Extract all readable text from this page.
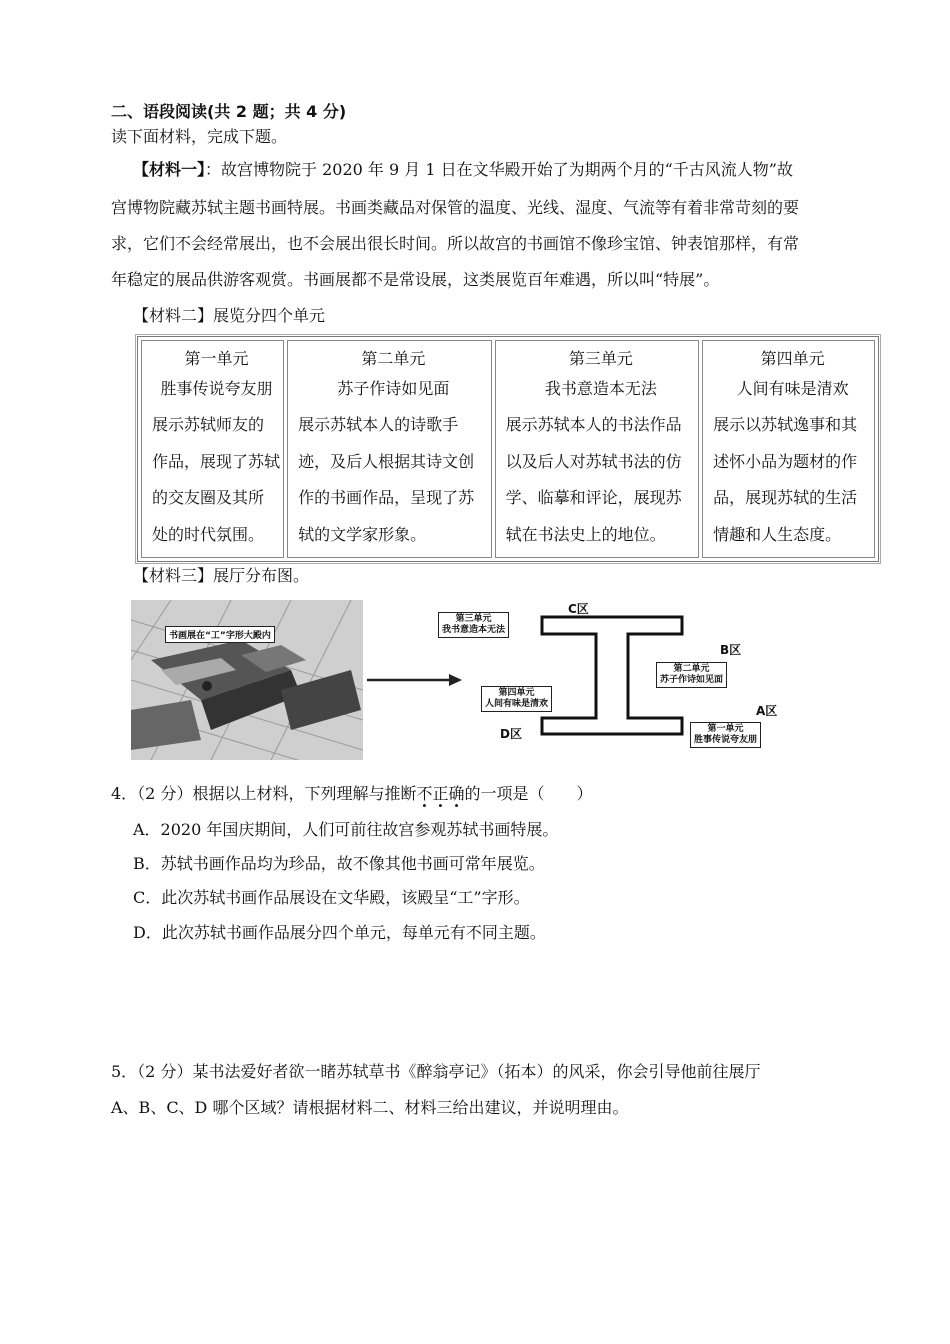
二、语段阅读(共 2 题；共 4 分)
读下面材料，完成下题。
【材料一】：故宫博物院于 2020 年 9 月 1 日在文华殿开始了为期两个月的“千古风流人物”故
宫博物院藏苏轼主题书画特展。书画类藏品对保管的温度、光线、湿度、气流等有着非常苛刻的要
求，它们不会经常展出，也不会展出很长时间。所以故宫的书画馆不像珍宝馆、钟表馆那样，有常
年稳定的展品供游客观赏。书画展都不是常设展，这类展览百年难遇，所以叫“特展”。
【材料二】展览分四个单元
第一单元
胜事传说夸友朋
展示苏轼师友的
作品，展现了苏轼
的交友圈及其所
处的时代氛围。

第二单元
苏子作诗如见面
展示苏轼本人的诗歌手
迹，及后人根据其诗文创
作的书画作品，呈现了苏
轼的文学家形象。

第三单元
我书意造本无法
展示苏轼本人的书法作品
以及后人对苏轼书法的仿
学、临摹和评论，展现苏
轼在书法史上的地位。

第四单元
人间有味是清欢
展示以苏轼逸事和其
述怀小品为题材的作
品，展现苏轼的生活
情趣和人生态度。
【材料三】展厅分布图。
书画展在“工”字形大殿内
第三单元
我书意造本无法
C区
B区
第二单元
苏子作诗如见面
第四单元
人间有味是清欢	A区
第一单元
胜事传说夸友朋
D区
4．（2 分）根据以上材料，下列理解与推断不正确的一项是（　　）
A．2020 年国庆期间，人们可前往故宫参观苏轼书画特展。
B．苏轼书画作品均为珍品，故不像其他书画可常年展览。
C．此次苏轼书画作品展设在文华殿，该殿呈“工”字形。
D．此次苏轼书画作品展分四个单元，每单元有不同主题。
5．（2 分）某书法爱好者欲一睹苏轼草书《醉翁亭记》（拓本）的风采，你会引导他前往展厅
A、B、C、D 哪个区域？请根据材料二、材料三给出建议，并说明理由。
